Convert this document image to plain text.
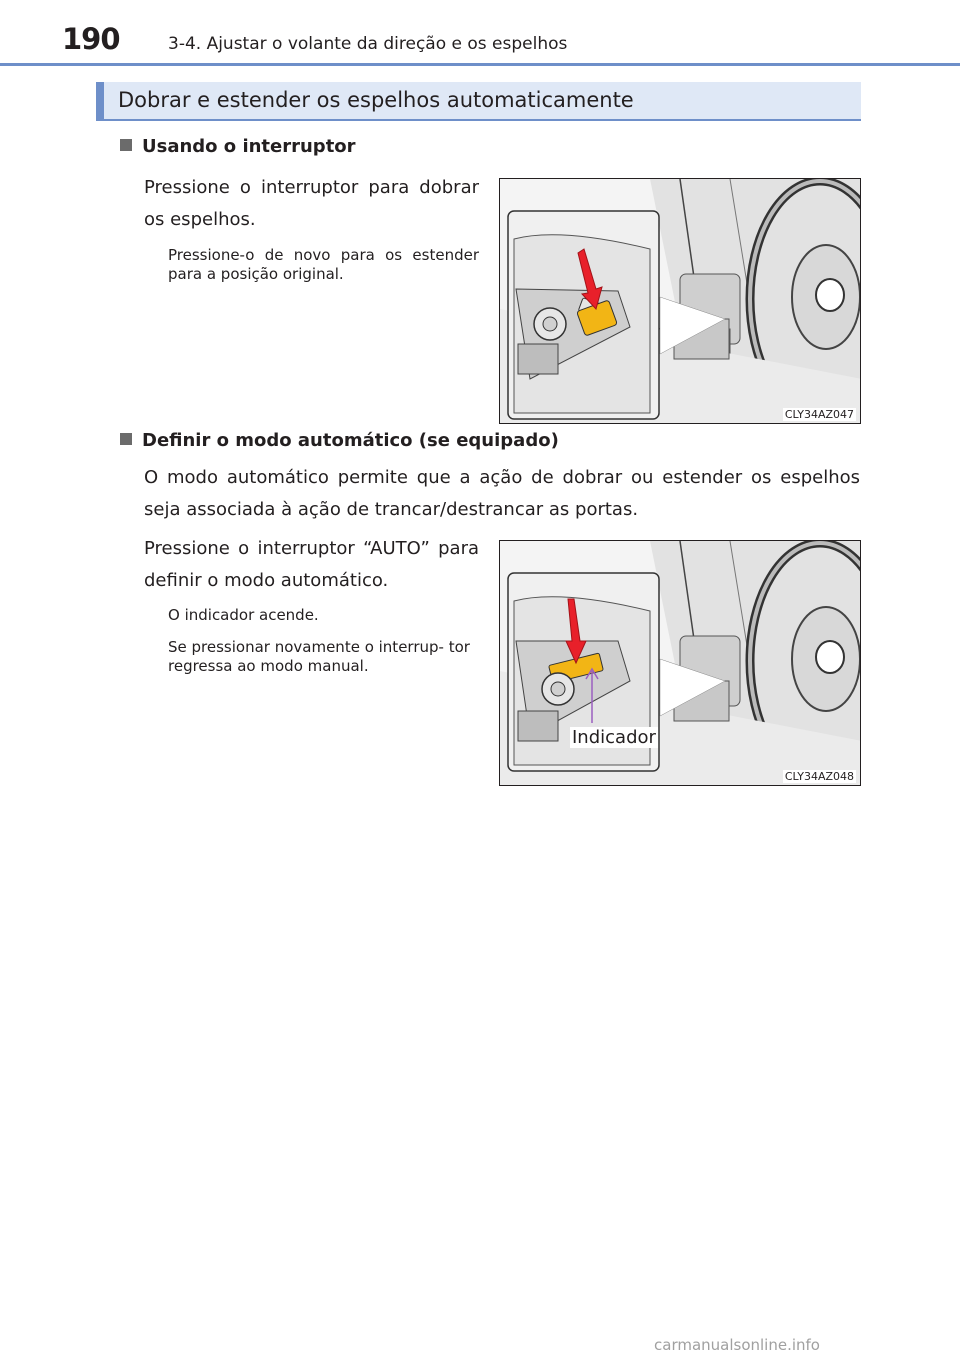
190	3-4. Ajustar o volante da direção e os espelhos
Dobrar e estender os espelhos automaticamente
Usando o interruptor
Pressione o interruptor para dobrar os espelhos.
Pressione-o de novo para os estender para a posição original.
CLY34AZ047
Definir o modo automático (se equipado)
O modo automático permite que a ação de dobrar ou estender os espelhos seja associada à ação de trancar/destrancar as portas.
Pressione o interruptor “AUTO” para definir o modo automático.
O indicador acende.
Se pressionar novamente o interrup- tor regressa ao modo manual.
CLY34AZ048
Indicador
carmanualsonline.info
